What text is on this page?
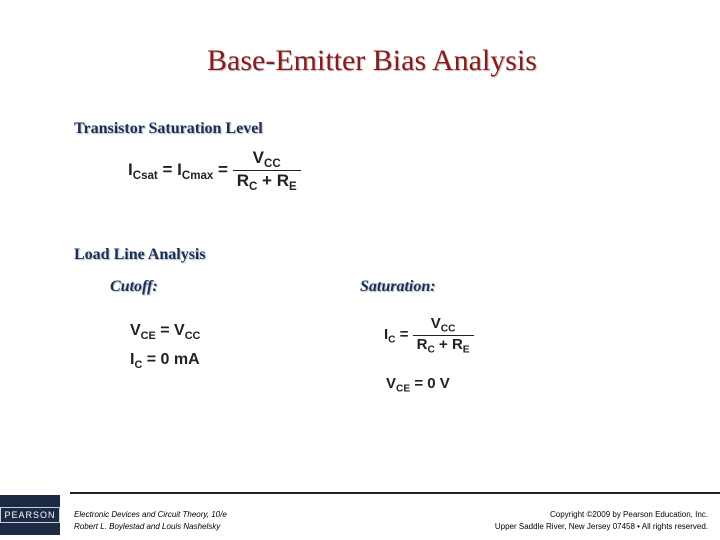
Base-Emitter Bias Analysis
Transistor Saturation Level
$I_{Csat} = I_{Cmax} = \frac{V_{CC}}{R_C + R_E}$
Load Line Analysis
Cutoff:	Saturation:
$V_{CE} = V_{CC}$
$I_C = 0$ mA
$I_C = \frac{V_{CC}}{R_C + R_E}$
$V_{CE} = 0$ V
PEARSON	Electronic Devices and Circuit Theory, 10/e
Robert L. Boylestad and Louis Nashelsky
Copyright ©2009 by Pearson Education, Inc.
Upper Saddle River, New Jersey 07458 • All rights reserved.
